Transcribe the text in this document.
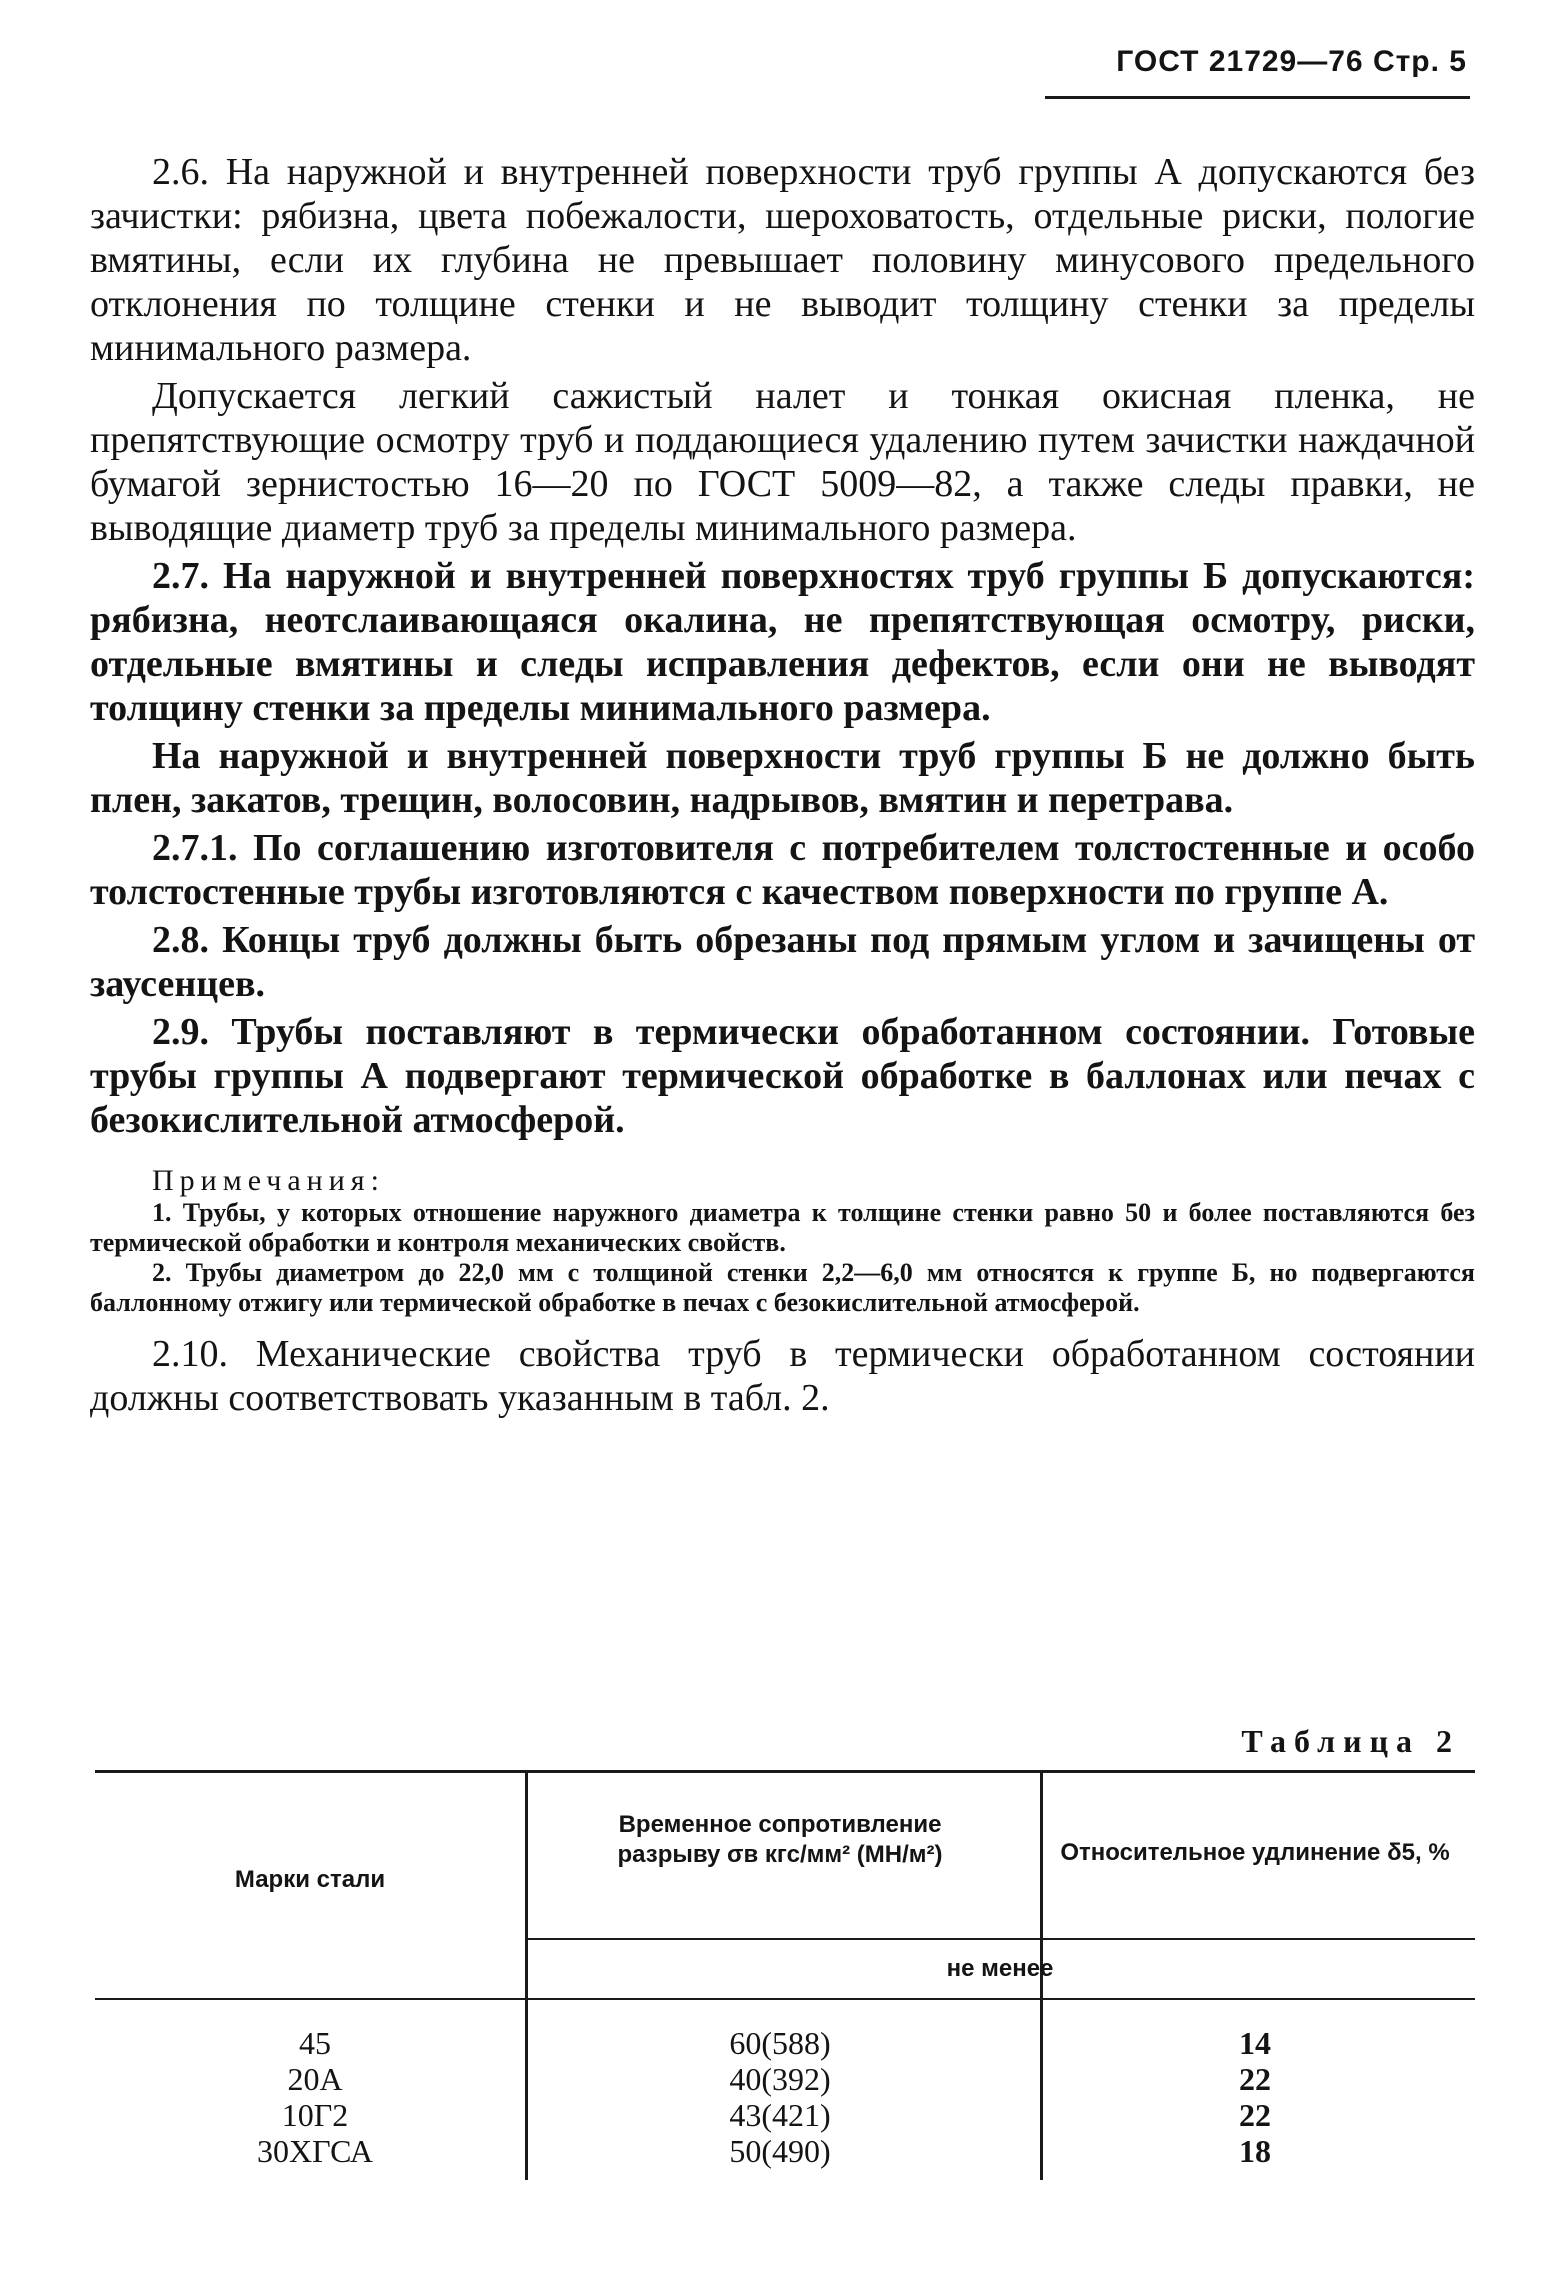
ГОСТ 21729—76 Стр. 5

2.6. На наружной и внутренней поверхности труб группы А допускаются без зачистки: рябизна, цвета побежалости, шероховатость, отдельные риски, пологие вмятины, если их глубина не превышает половину минусового предельного отклонения по толщине стенки и не выводит толщину стенки за пределы минимального размера.

Допускается легкий сажистый налет и тонкая окисная пленка, не препятствующие осмотру труб и поддающиеся удалению путем зачистки наждачной бумагой зернистостью 16—20 по ГОСТ 5009—82, а также следы правки, не выводящие диаметр труб за пределы минимального размера.

2.7. На наружной и внутренней поверхностях труб группы Б допускаются: рябизна, неотслаивающаяся окалина, не препятствующая осмотру, риски, отдельные вмятины и следы исправления дефектов, если они не выводят толщину стенки за пределы минимального размера.

На наружной и внутренней поверхности труб группы Б не должно быть плен, закатов, трещин, волосовин, надрывов, вмятин и перетрава.

2.7.1. По соглашению изготовителя с потребителем толстостенные и особо толстостенные трубы изготовляются с качеством поверхности по группе А.

2.8. Концы труб должны быть обрезаны под прямым углом и зачищены от заусенцев.

2.9. Трубы поставляют в термически обработанном состоянии. Готовые трубы группы А подвергают термической обработке в баллонах или печах с безокислительной атмосферой.

Примечания:

1. Трубы, у которых отношение наружного диаметра к толщине стенки равно 50 и более поставляются без термической обработки и контроля механических свойств.

2. Трубы диаметром до 22,0 мм с толщиной стенки 2,2—6,0 мм относятся к группе Б, но подвергаются баллонному отжигу или термической обработке в печах с безокислительной атмосферой.

2.10. Механические свойства труб в термически обработанном состоянии должны соответствовать указанным в табл. 2.

Таблица 2
Марки стали
Временное сопротивление разрыву σв кгс/мм² (МН/м²)	Относительное удлинение δ5, %
не менее
45
20А
10Г2
30ХГСА
60(588)
40(392)
43(421)
50(490)
14
22
22
18
